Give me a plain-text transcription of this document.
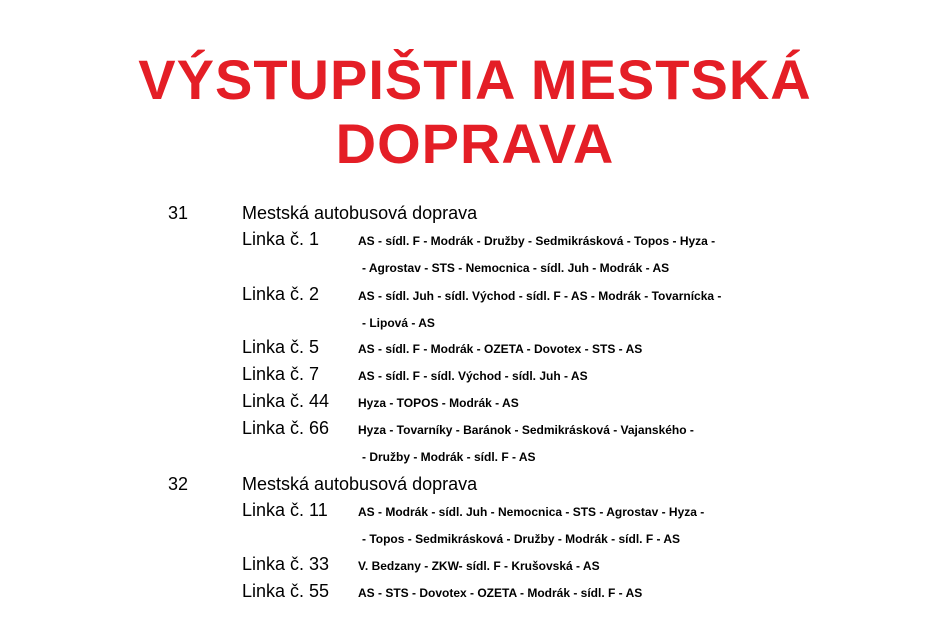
VÝSTUPIŠTIA MESTSKÁ
DOPRAVA
31	Mestská autobusová doprava
Linka č. 1	AS - sídl. F - Modrák - Družby - Sedmikrásková - Topos - Hyza -
- Agrostav - STS - Nemocnica - sídl. Juh - Modrák - AS
Linka č. 2	AS - sídl. Juh - sídl. Východ - sídl. F - AS - Modrák - Tovarnícka -
- Lipová - AS
Linka č. 5	AS - sídl. F - Modrák - OZETA - Dovotex - STS - AS
Linka č. 7	AS - sídl. F - sídl. Východ - sídl. Juh - AS
Linka č. 44 Hyza - TOPOS - Modrák - AS
Linka č. 66 Hyza - Tovarníky - Baránok - Sedmikrásková - Vajanského -
- Družby - Modrák - sídl. F - AS
32	Mestská autobusová doprava
Linka č. 11	AS - Modrák - sídl. Juh - Nemocnica - STS - Agrostav - Hyza -
- Topos - Sedmikrásková - Družby - Modrák - sídl. F - AS
Linka č. 33 V. Bedzany - ZKW- sídl. F - Krušovská - AS
Linka č. 55 AS - STS - Dovotex - OZETA - Modrák - sídl. F - AS
